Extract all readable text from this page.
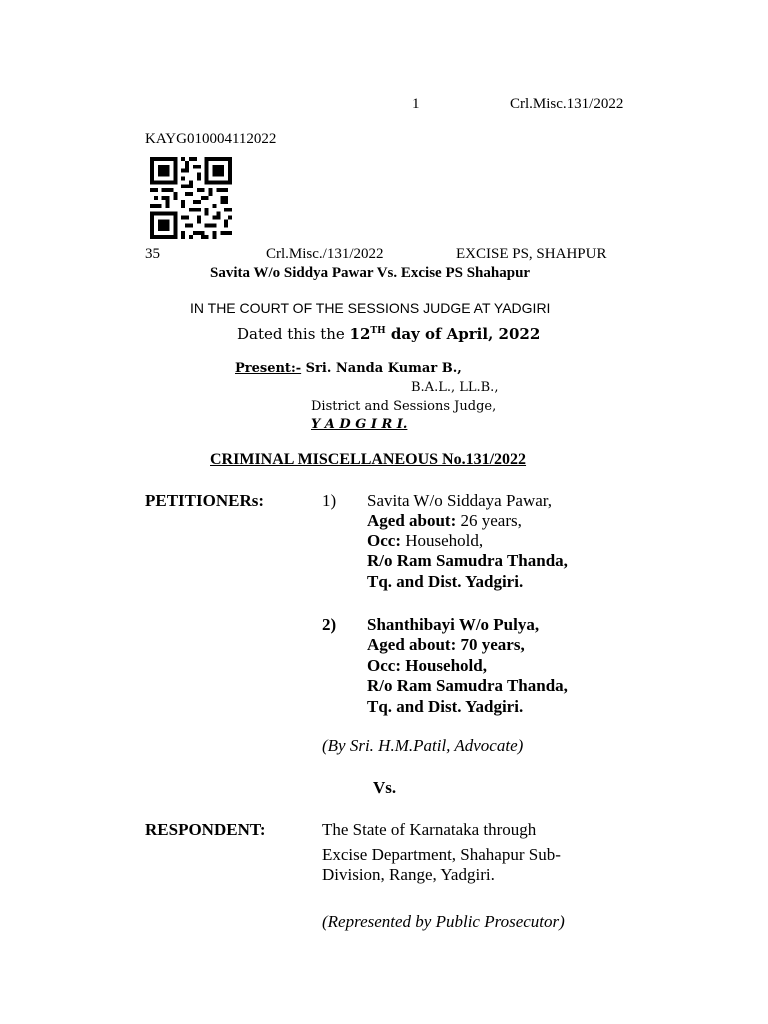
1	Crl.Misc.131/2022
KAYG010004112022
35	Crl.Misc./131/2022	EXCISE PS, SHAHPUR
Savita W/o Siddya Pawar Vs. Excise PS Shahapur
IN THE COURT OF THE SESSIONS JUDGE AT YADGIRI
Dated this the 12TH day of April, 2022
Present:- Sri. Nanda Kumar B.,
B.A.L., LL.B.,
District and Sessions Judge,
Y A D G I R I.
CRIMINAL MISCELLANEOUS No.131/2022
PETITIONERs:	1) Savita W/o Siddaya Pawar,
Aged about: 26 years,
Occ: Household,
R/o Ram Samudra Thanda,
Tq. and Dist. Yadgiri.
2) Shanthibayi W/o Pulya,
Aged about: 70 years,
Occ: Household,
R/o Ram Samudra Thanda,
Tq. and Dist. Yadgiri.
(By Sri. H.M.Patil, Advocate)
Vs.
RESPONDENT:	The State of Karnataka through
Excise Department, Shahapur Sub-
Division, Range, Yadgiri.
(Represented by Public Prosecutor)
